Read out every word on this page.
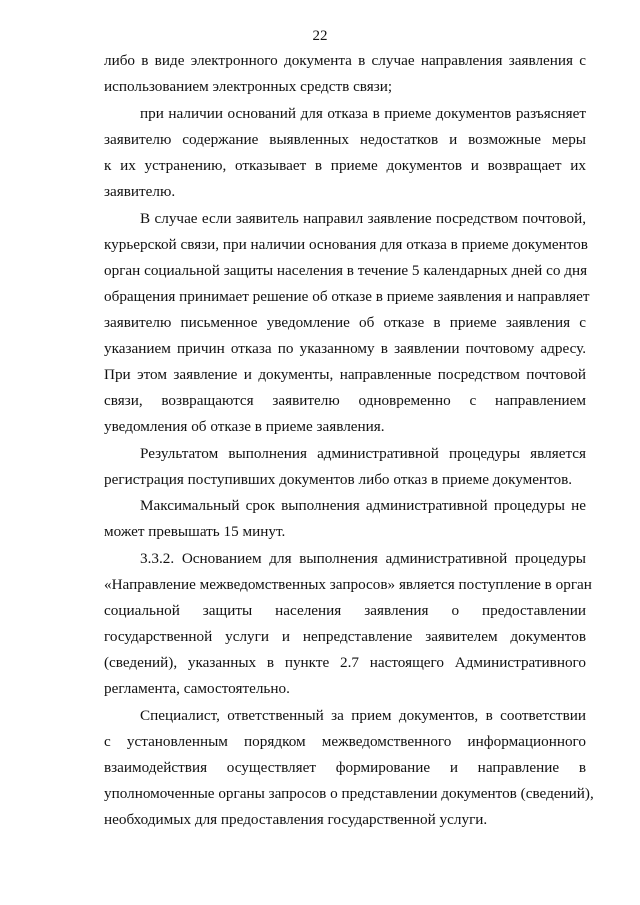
22
либо в виде электронного документа в случае направления заявления с
использованием электронных средств связи;
при наличии оснований для отказа в приеме документов разъясняет
заявителю содержание выявленных недостатков и возможные меры
к их устранению, отказывает в приеме документов и возвращает их
заявителю.
В случае если заявитель направил заявление посредством почтовой,
курьерской связи, при наличии основания для отказа в приеме документов
орган социальной защиты населения в течение 5 календарных дней со дня
обращения принимает решение об отказе в приеме заявления и направляет
заявителю письменное уведомление об отказе в приеме заявления с
указанием причин отказа по указанному в заявлении почтовому адресу.
При этом заявление и документы, направленные посредством почтовой
связи, возвращаются заявителю одновременно с направлением
уведомления об отказе в приеме заявления.
Результатом выполнения административной процедуры является
регистрация поступивших документов либо отказ в приеме документов.
Максимальный срок выполнения административной процедуры не
может превышать 15 минут.
3.3.2. Основанием для выполнения административной процедуры
«Направление межведомственных запросов» является поступление в орган
социальной защиты населения заявления о предоставлении
государственной услуги и непредставление заявителем документов
(сведений), указанных в пункте 2.7 настоящего Административного
регламента, самостоятельно.
Специалист, ответственный за прием документов, в соответствии
с установленным порядком межведомственного информационного
взаимодействия осуществляет формирование и направление в
уполномоченные органы запросов о представлении документов (сведений),
необходимых для предоставления государственной услуги.
